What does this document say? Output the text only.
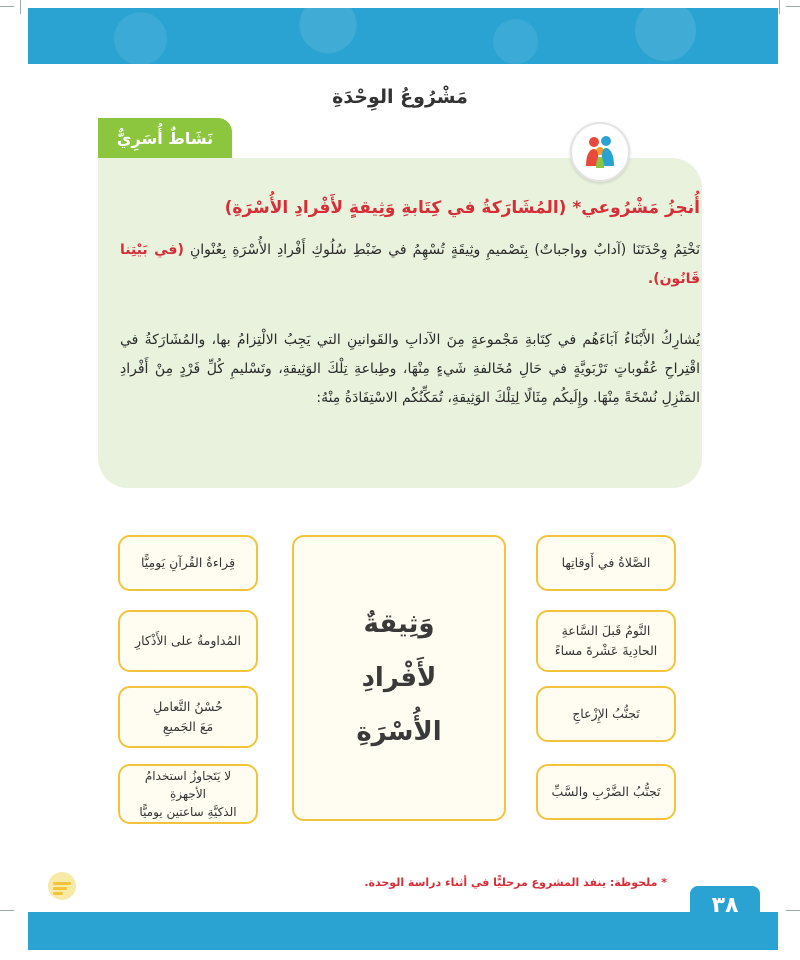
مَشْرُوعُ الوِحْدَةِ
نَشَاطٌ أُسَرِيٌّ
أُنجزُ مَشْرُوعي* (المُشَارَكةُ في كِتَابةِ وَثِيقةٍ لأَفْرادِ الأُسْرَةِ)
نَخْتِمُ وِحْدَتَنَا (آدابٌ وواجباتٌ) بِتَصْميمِ وثِيقَةٍ تُسْهِمُ في ضَبْطِ سُلُوكِ أَفْرادِ الأُسْرَةِ بِعُنْوانِ (في بَيْتِنا قَانُون).
يُشارِكُ الأَبْنَاءُ آبَاءَهُم في كِتَابةِ مَجْموعةٍ مِنَ الآدابِ والقَوانينِ التي يَجِبُ الالْتِزامُ بها، والمُشَارَكةُ في اقْتِراحِ عُقُوباتٍ تَرْبَويَّةٍ في حَالِ مُخَالفةِ شَيءٍ مِنْهَا، وطِباعةِ تِلْكَ الوَثِيقةِ، وتَسْليمِ كُلِّ فَرْدٍ مِنْ أَفْرادِ المَنْزِلِ نُسْخَةً مِنْهَا. وإِلَيكُم مِثَالًا لِتِلْكَ الوَثِيقةِ، تُمَكِّنُكُم الاسْتِفَادَةُ مِنْهُ:
الصَّلاةُ في أَوقاتِها
النَّومُ قَبلَ السَّاعةِ
الحادِيةَ عَشْرةَ مساءً
تَجنُّبُ الإِزْعاجِ
تَجنُّبُ الضَّرْبِ والسَّبِّ
وَثِيقةٌ
لأَفْرادِ
الأُسْرَةِ
قِراءةُ القُرآنِ يَومِيًّا
المُداومةُ على الأَذْكارِ
حُسْنُ التَّعاملِ
مَعَ الجَميعِ
لا يَتَجاوزُ استخدامُ الأجهزةِ
الذكيَّةِ ساعتين يوميًّا
* ملحوظة: ينفذ المشروع مرحليًّا في أثناء دراسة الوحدة.
٣٨
